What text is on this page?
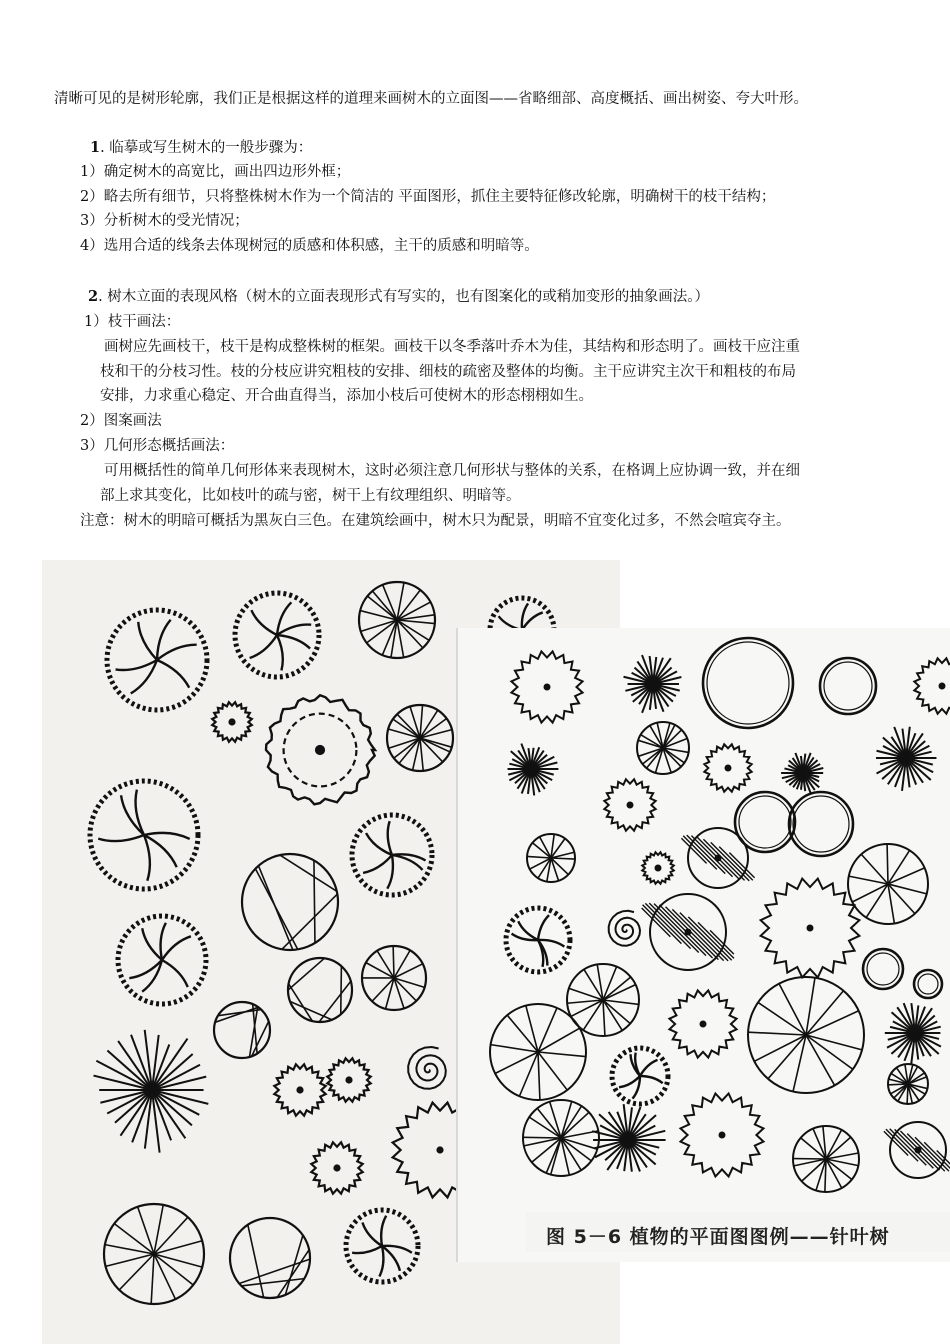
清晰可见的是树形轮廓，我们正是根据这样的道理来画树木的立面图——省略细部、高度概括、画出树姿、夸大叶形。
1. 临摹或写生树木的一般步骤为：
1）确定树木的高宽比，画出四边形外框；
2）略去所有细节，只将整株树木作为一个简洁的 平面图形，抓住主要特征修改轮廓，明确树干的枝干结构；
3）分析树木的受光情况；
4）选用合适的线条去体现树冠的质感和体积感，主干的质感和明暗等。
2. 树木立面的表现风格（树木的立面表现形式有写实的，也有图案化的或稍加变形的抽象画法。）
1）枝干画法：
画树应先画枝干，枝干是构成整株树的框架。画枝干以冬季落叶乔木为佳，其结构和形态明了。画枝干应注重
枝和干的分枝习性。枝的分枝应讲究粗枝的安排、细枝的疏密及整体的均衡。主干应讲究主次干和粗枝的布局
安排，力求重心稳定、开合曲直得当，添加小枝后可使树木的形态栩栩如生。
2）图案画法
3）几何形态概括画法：
可用概括性的简单几何形体来表现树木，这时必须注意几何形状与整体的关系，在格调上应协调一致，并在细
部上求其变化，比如枝叶的疏与密，树干上有纹理组织、明暗等。
注意：树木的明暗可概括为黑灰白三色。在建筑绘画中，树木只为配景，明暗不宜变化过多，不然会喧宾夺主。
图 5－6 植物的平面图图例——针叶树
